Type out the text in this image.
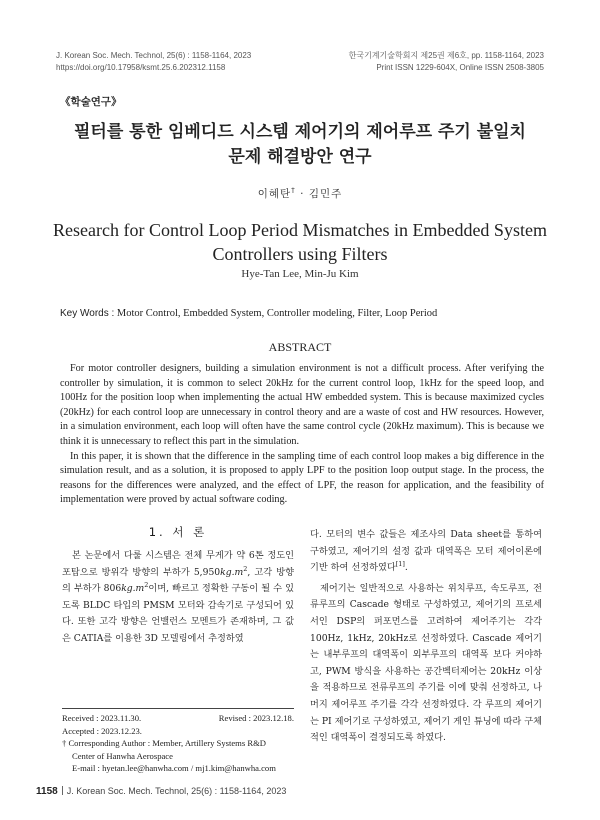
J. Korean Soc. Mech. Technol, 25(6) : 1158-1164, 2023
https://doi.org/10.17958/ksmt.25.6.202312.1158
한국기계기술학회지 제25권 제6호, pp. 1158-1164, 2023
Print ISSN 1229-604X, Online ISSN 2508-3805
《학술연구》
필터를 통한 임베디드 시스템 제어기의 제어루프 주기 불일치
문제 해결방안 연구
이혜탄† · 김민주
Research for Control Loop Period Mismatches in Embedded System
Controllers using Filters
Hye-Tan Lee, Min-Ju Kim
Key Words : Motor Control, Embedded System, Controller modeling, Filter, Loop Period
ABSTRACT

For motor controller designers, building a simulation environment is not a difficult process. After verifying the controller by simulation, it is common to select 20kHz for the current control loop, 1kHz for the speed loop, and 100Hz for the position loop when implementing the actual HW embedded system. This is because maximized cycles (20kHz) for each control loop are unnecessary in control theory and are a waste of cost and HW resources. However, in a simulation environment, each loop will often have the same control cycle (20kHz maximum). This is because we think it is unnecessary to reflect this part in the simulation.

In this paper, it is shown that the difference in the sampling time of each control loop makes a big difference in the simulation result, and as a solution, it is proposed to apply LPF to the position loop output stage. In the process, the reasons for the differences were analyzed, and the effect of LPF, the reason for application, and the feasibility of implementation were proved by actual software coding.

1. 서 론

본 논문에서 다룰 시스템은 전체 무게가 약 6톤 정도인 포탑으로 방위각 방향의 부하가 $5,950kg.m^2$, 고각 방향의 부하가 $806kg.m^2$이며, 빠르고 정확한 구동이 될 수 있도록 BLDC 타입의 PMSM 모터와 감속기로 구성되어 있다. 또한 고각 방향은 언밸런스 모멘트가 존재하며, 그 값은 CATIA를 이용한 3D 모델링에서 추정하였

다. 모터의 변수 값들은 제조사의 Data sheet를 통하여 구하였고, 제어기의 설정 값과 대역폭은 모터 제어이론에 기반 하여 선정하였다[1].

제어기는 일반적으로 사용하는 위치루프, 속도루프, 전류루프의 Cascade 형태로 구성하였고, 제어기의 프로세서인 DSP의 퍼포먼스를 고려하여 제어주기는 각각 100Hz, 1kHz, 20kHz로 선정하였다. Cascade 제어기는 내부루프의 대역폭이 외부루프의 대역폭 보다 커야하고, PWM 방식을 사용하는 공간벡터제어는 20kHz 이상을 적용하므로 전류루프의 주기를 이에 맞춰 선정하고, 나머지 제어루프 주기를 각각 선정하였다. 각 루프의 제어기는 PI 제어기로 구성하였고, 제어기 게인 튜닝에 따라 구체적인 대역폭이 결정되도록 하였다.

Received : 2023.11.30.	Revised : 2023.12.18.
Accepted : 2023.12.23.
† Corresponding Author : Member, Artillery Systems R&D
Center of Hanwha Aerospace
E-mail : hyetan.lee@hanwha.com / mj1.kim@hanwha.com
1158 J. Korean Soc. Mech. Technol, 25(6) : 1158-1164, 2023
